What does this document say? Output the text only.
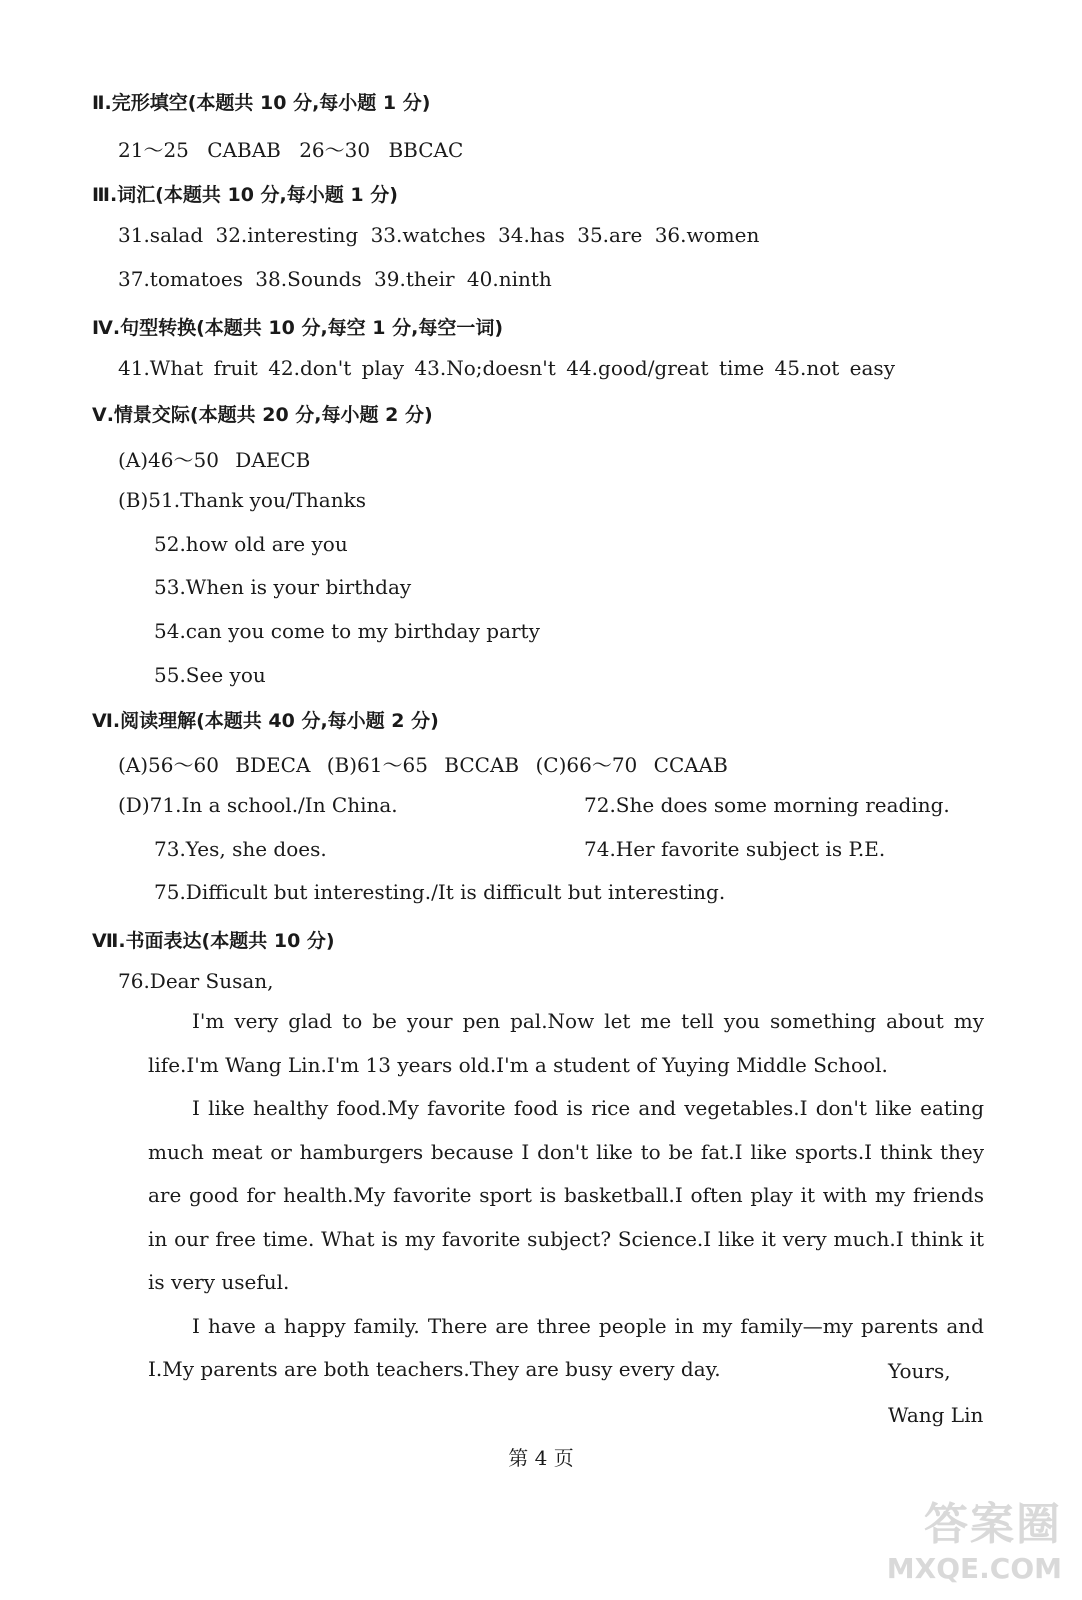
Ⅱ.完形填空(本题共 10 分,每小题 1 分)
21～25 CABAB 26～30 BBCAC
Ⅲ.词汇(本题共 10 分,每小题 1 分)
31.salad 32.interesting 33.watches 34.has 35.are 36.women
37.tomatoes 38.Sounds 39.their 40.ninth
Ⅳ.句型转换(本题共 10 分,每空 1 分,每空一词)
41.What fruit 42.don't play 43.No;doesn't 44.good/great time 45.not easy
Ⅴ.情景交际(本题共 20 分,每小题 2 分)
(A)46～50 DAECB
(B)51.Thank you/Thanks
52.how old are you
53.When is your birthday
54.can you come to my birthday party
55.See you
Ⅵ.阅读理解(本题共 40 分,每小题 2 分)
(A)56～60 BDECA (B)61～65 BCCAB (C)66～70 CCAAB
(D)71.In a school./In China.	72.She does some morning reading.
73.Yes, she does.	74.Her favorite subject is P.E.
75.Difficult but interesting./It is difficult but interesting.
Ⅶ.书面表达(本题共 10 分)
76.Dear Susan,

I'm very glad to be your pen pal.Now let me tell you something about my life.I'm Wang Lin.I'm 13 years old.I'm a student of Yuying Middle School.

I like healthy food.My favorite food is rice and vegetables.I don't like eating much meat or hamburgers because I don't like to be fat.I like sports.I think they are good for health.My favorite sport is basketball.I often play it with my friends in our free time. What is my favorite subject? Science.I like it very much.I think it is very useful.

I have a happy family. There are three people in my family—my parents and I.My parents are both teachers.They are busy every day.	Yours,
Wang Lin
第 4 页
答案圈
MXQE.COM
